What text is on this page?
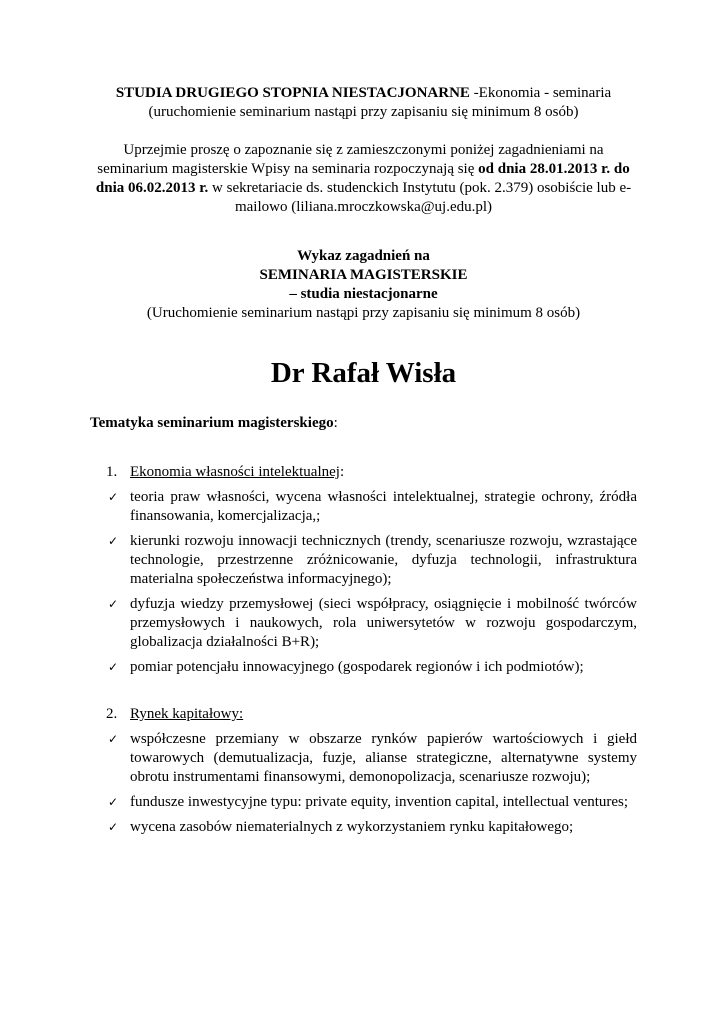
STUDIA DRUGIEGO STOPNIA NIESTACJONARNE -Ekonomia - seminaria
(uruchomienie seminarium nastąpi przy zapisaniu się minimum 8 osób)
Uprzejmie proszę o zapoznanie się z zamieszczonymi poniżej zagadnieniami na seminarium magisterskie Wpisy na seminaria rozpoczynają się od dnia 28.01.2013 r. do dnia 06.02.2013 r. w sekretariacie ds. studenckich Instytutu (pok. 2.379) osobiście lub e-mailowo (liliana.mroczkowska@uj.edu.pl)
Wykaz zagadnień na
SEMINARIA MAGISTERSKIE
– studia niestacjonarne
(Uruchomienie seminarium nastąpi przy zapisaniu się minimum 8 osób)
Dr Rafał Wisła
Tematyka seminarium magisterskiego:
1. Ekonomia własności intelektualnej:
✓ teoria praw własności, wycena własności intelektualnej, strategie ochrony, źródła finansowania, komercjalizacja,;
✓ kierunki rozwoju innowacji technicznych (trendy, scenariusze rozwoju, wzrastające technologie, przestrzenne zróżnicowanie, dyfuzja technologii, infrastruktura materialna społeczeństwa informacyjnego);
✓ dyfuzja wiedzy przemysłowej (sieci współpracy, osiągnięcie i mobilność twórców przemysłowych i naukowych, rola uniwersytetów w rozwoju gospodarczym, globalizacja działalności B+R);
✓ pomiar potencjału innowacyjnego (gospodarek regionów i ich podmiotów);
2. Rynek kapitałowy:
✓ współczesne przemiany w obszarze rynków papierów wartościowych i giełd towarowych (demutualizacja, fuzje, alianse strategiczne, alternatywne systemy obrotu instrumentami finansowymi, demonopolizacja, scenariusze rozwoju);
✓ fundusze inwestycyjne typu: private equity, invention capital, intellectual ventures;
✓ wycena zasobów niematerialnych z wykorzystaniem rynku kapitałowego;
